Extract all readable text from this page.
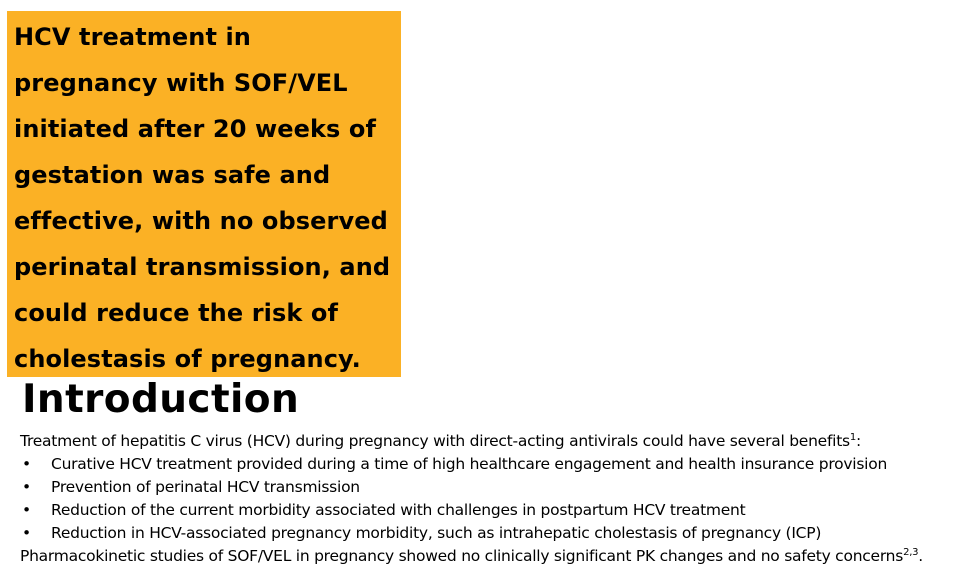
HCV treatment in
pregnancy with SOF/VEL
initiated after 20 weeks of
gestation was safe and
effective, with no observed
perinatal transmission, and
could reduce the risk of
cholestasis of pregnancy.

Introduction

Treatment of hepatitis C virus (HCV) during pregnancy with direct-acting antivirals could have several benefits$^1$:

• Curative HCV treatment provided during a time of high healthcare engagement and health insurance provision
• Prevention of perinatal HCV transmission
• Reduction of the current morbidity associated with challenges in postpartum HCV treatment
• Reduction in HCV-associated pregnancy morbidity, such as intrahepatic cholestasis of pregnancy (ICP)

Pharmacokinetic studies of SOF/VEL in pregnancy showed no clinically significant PK changes and no safety concerns$^{2,3}$.
